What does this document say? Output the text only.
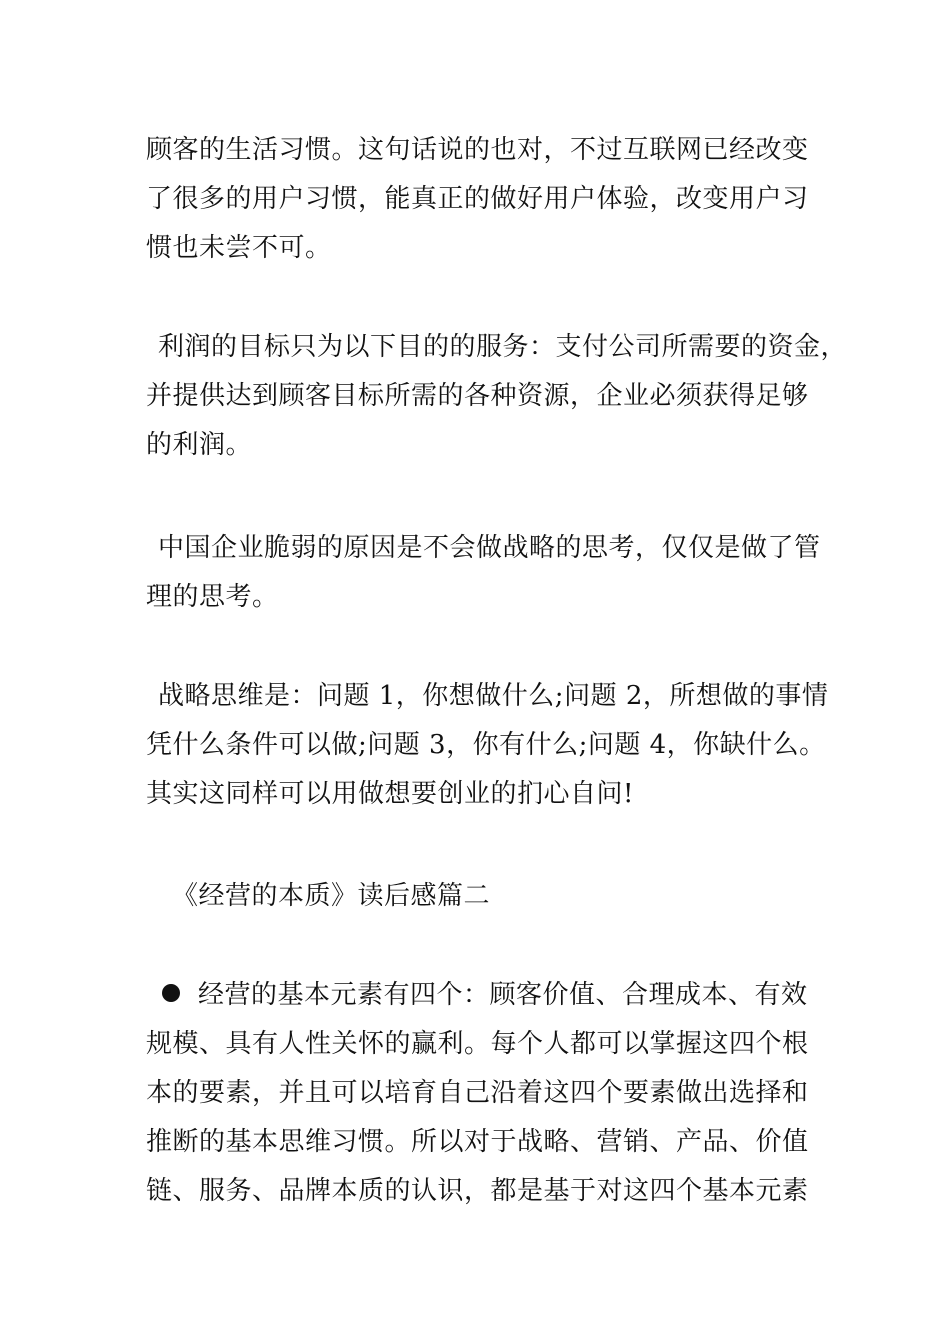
顾客的生活习惯。这句话说的也对，不过互联网已经改变
了很多的用户习惯，能真正的做好用户体验，改变用户习
惯也未尝不可。

利润的目标只为以下目的的服务：支付公司所需要的资金，
并提供达到顾客目标所需的各种资源，企业必须获得足够
的利润。

中国企业脆弱的原因是不会做战略的思考，仅仅是做了管
理的思考。

战略思维是：问题 1，你想做什么;问题 2，所想做的事情
凭什么条件可以做;问题 3，你有什么;问题 4，你缺什么。
其实这同样可以用做想要创业的扪心自问!

《经营的本质》读后感篇二

经营的基本元素有四个：顾客价值、合理成本、有效
规模、具有人性关怀的赢利。每个人都可以掌握这四个根
本的要素，并且可以培育自己沿着这四个要素做出选择和
推断的基本思维习惯。所以对于战略、营销、产品、价值
链、服务、品牌本质的认识，都是基于对这四个基本元素
